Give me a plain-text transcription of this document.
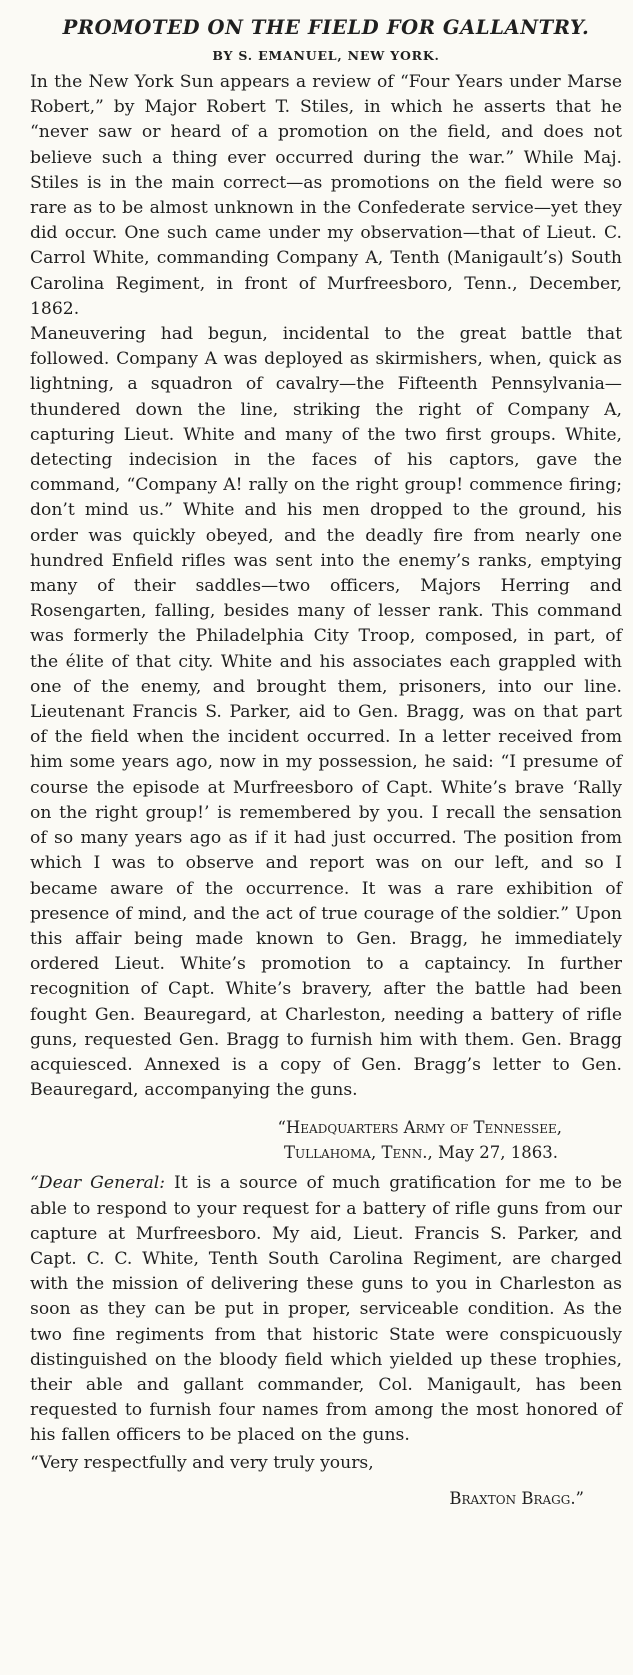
PROMOTED ON THE FIELD FOR GALLANTRY.
BY S. EMANUEL, NEW YORK.

In the New York Sun appears a review of “Four Years under Marse Robert,” by Major Robert T. Stiles, in which he asserts that he “never saw or heard of a promotion on the field, and does not believe such a thing ever occurred during the war.” While Maj. Stiles is in the main correct—as promotions on the field were so rare as to be almost unknown in the Confederate service—yet they did occur. One such came under my observation—that of Lieut. C. Carrol White, commanding Company A, Tenth (Manigault’s) South Carolina Regiment, in front of Murfreesboro, Tenn., December, 1862.

Maneuvering had begun, incidental to the great battle that followed. Company A was deployed as skirmishers, when, quick as lightning, a squadron of cavalry—the Fifteenth Pennsylvania—thundered down the line, striking the right of Company A, capturing Lieut. White and many of the two first groups. White, detecting indecision in the faces of his captors, gave the command, “Company A! rally on the right group! commence firing; don’t mind us.” White and his men dropped to the ground, his order was quickly obeyed, and the deadly fire from nearly one hundred Enfield rifles was sent into the enemy’s ranks, emptying many of their saddles—two officers, Majors Herring and Rosengarten, falling, besides many of lesser rank. This command was formerly the Philadelphia City Troop, composed, in part, of the élite of that city. White and his associates each grappled with one of the enemy, and brought them, prisoners, into our line. Lieutenant Francis S. Parker, aid to Gen. Bragg, was on that part of the field when the incident occurred. In a letter received from him some years ago, now in my possession, he said: “I presume of course the episode at Murfreesboro of Capt. White’s brave ‘Rally on the right group!’ is remembered by you. I recall the sensation of so many years ago as if it had just occurred. The position from which I was to observe and report was on our left, and so I became aware of the occurrence. It was a rare exhibition of presence of mind, and the act of true courage of the soldier.” Upon this affair being made known to Gen. Bragg, he immediately ordered Lieut. White’s promotion to a captaincy. In further recognition of Capt. White’s bravery, after the battle had been fought Gen. Beauregard, at Charleston, needing a battery of rifle guns, requested Gen. Bragg to furnish him with them. Gen. Bragg acquiesced. Annexed is a copy of Gen. Bragg’s letter to Gen. Beauregard, accompanying the guns.

“Headquarters Army of Tennessee,
Tullahoma, Tenn., May 27, 1863.

“Dear General: It is a source of much gratification for me to be able to respond to your request for a battery of rifle guns from our capture at Murfreesboro. My aid, Lieut. Francis S. Parker, and Capt. C. C. White, Tenth South Carolina Regiment, are charged with the mission of delivering these guns to you in Charleston as soon as they can be put in proper, serviceable condition. As the two fine regiments from that historic State were conspicuously distinguished on the bloody field which yielded up these trophies, their able and gallant commander, Col. Manigault, has been requested to furnish four names from among the most honored of his fallen officers to be placed on the guns.

“Very respectfully and very truly yours,

Braxton Bragg.”
